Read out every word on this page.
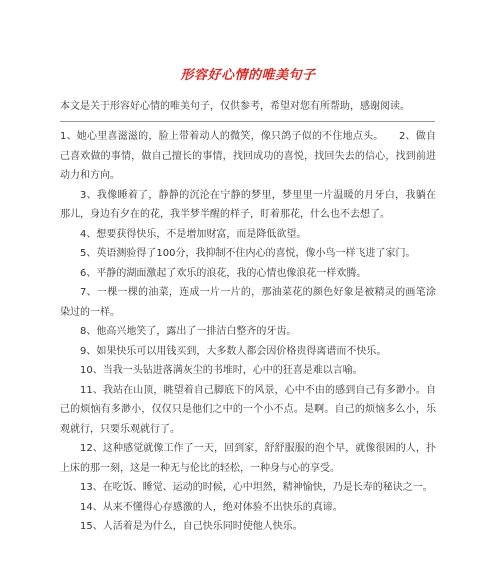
形容好心情的唯美句子

本文是关于形容好心情的唯美句子，仅供参考，希望对您有所帮助，感谢阅读。

1、她心里喜滋滋的，脸上带着动人的微笑，像只鸽子似的不住地点头。　　2、做自己喜欢做的事情，做自己擅长的事情，找回成功的喜悦，找回失去的信心，找到前进动力和方向。

3、我像睡着了，静静的沉沦在宁静的梦里，梦里里一片温暖的月牙白，我躺在那儿，身边有夕在的花，我半梦半醒的样子，盯着那花，什么也不去想了。

4、想要获得快乐，不是增加财富，而是降低欲望。

5、英语测验得了100分，我抑制不住内心的喜悦，像小鸟一样飞进了家门。

6、平静的湖面激起了欢乐的浪花，我的心情也像浪花一样欢腾。

7、一棵一棵的油菜，连成一片一片的，那油菜花的颜色好象是被精灵的画笔涂染过的一样。

8、他高兴地笑了，露出了一排洁白整齐的牙齿。

9、如果快乐可以用钱买到，大多数人都会因价格贵得离谱而不快乐。

10、当我一头钻进落满灰尘的书堆时，心中的狂喜是难以言喻。

11、我站在山顶，眺望着自己脚底下的风景，心中不由的感到自己有多渺小。自己的烦恼有多渺小，仅仅只是他们之中的一个小不点。是啊。自己的烦恼多么小，乐观就行，只要乐观就行了。

12、这种感觉就像工作了一天，回到家，舒舒服服的泡个早，就像很困的人，扑上床的那一刻，这是一种无与伦比的轻松，一种身与心的享受。

13、在吃饭、睡觉、运动的时候，心中坦然，精神愉快，乃是长寿的秘诀之一。

14、从来不懂得心存感激的人，绝对体验不出快乐的真谛。

15、人活着是为什么，自己快乐同时使他人快乐。
